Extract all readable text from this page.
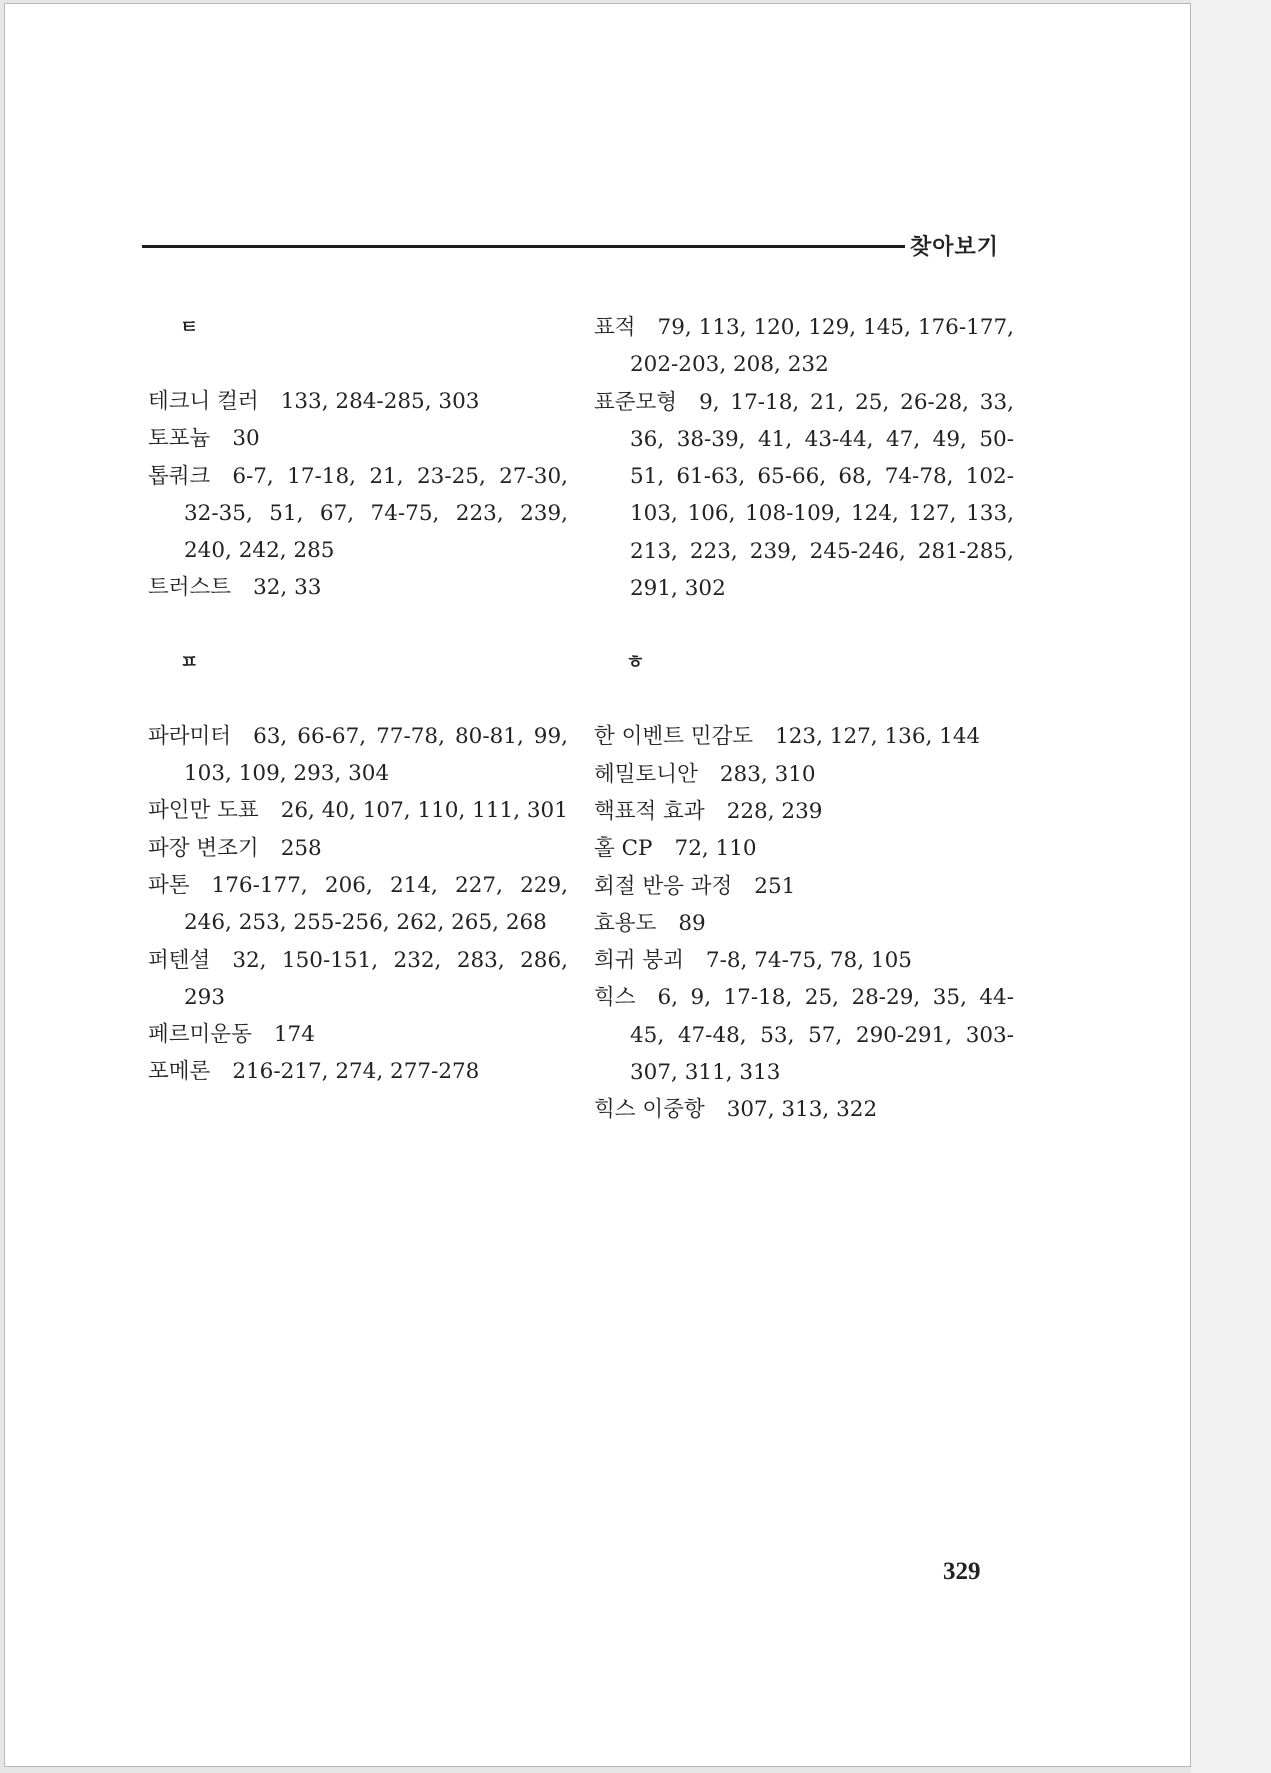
찾아보기
ㅌ
테크니 컬러 133, 284-285, 303
토포늄 30
톱쿼크 6-7, 17-18, 21, 23-25, 27-30, 32-35, 51, 67, 74-75, 223, 239, 240, 242, 285
트러스트 32, 33
ㅍ
파라미터 63, 66-67, 77-78, 80-81, 99, 103, 109, 293, 304
파인만 도표 26, 40, 107, 110, 111, 301
파장 변조기 258
파톤 176-177, 206, 214, 227, 229, 246, 253, 255-256, 262, 265, 268
퍼텐셜 32, 150-151, 232, 283, 286, 293
페르미운동 174
포메론 216-217, 274, 277-278
표적 79, 113, 120, 129, 145, 176-177, 202-203, 208, 232
표준모형 9, 17-18, 21, 25, 26-28, 33, 36, 38-39, 41, 43-44, 47, 49, 50-51, 61-63, 65-66, 68, 74-78, 102-103, 106, 108-109, 124, 127, 133, 213, 223, 239, 245-246, 281-285, 291, 302
ㅎ
한 이벤트 민감도 123, 127, 136, 144
헤밀토니안 283, 310
핵표적 효과 228, 239
홀 CP 72, 110
회절 반응 과정 251
효용도 89
희귀 붕괴 7-8, 74-75, 78, 105
힉스 6, 9, 17-18, 25, 28-29, 35, 44-45, 47-48, 53, 57, 290-291, 303-307, 311, 313
힉스 이중항 307, 313, 322
329
